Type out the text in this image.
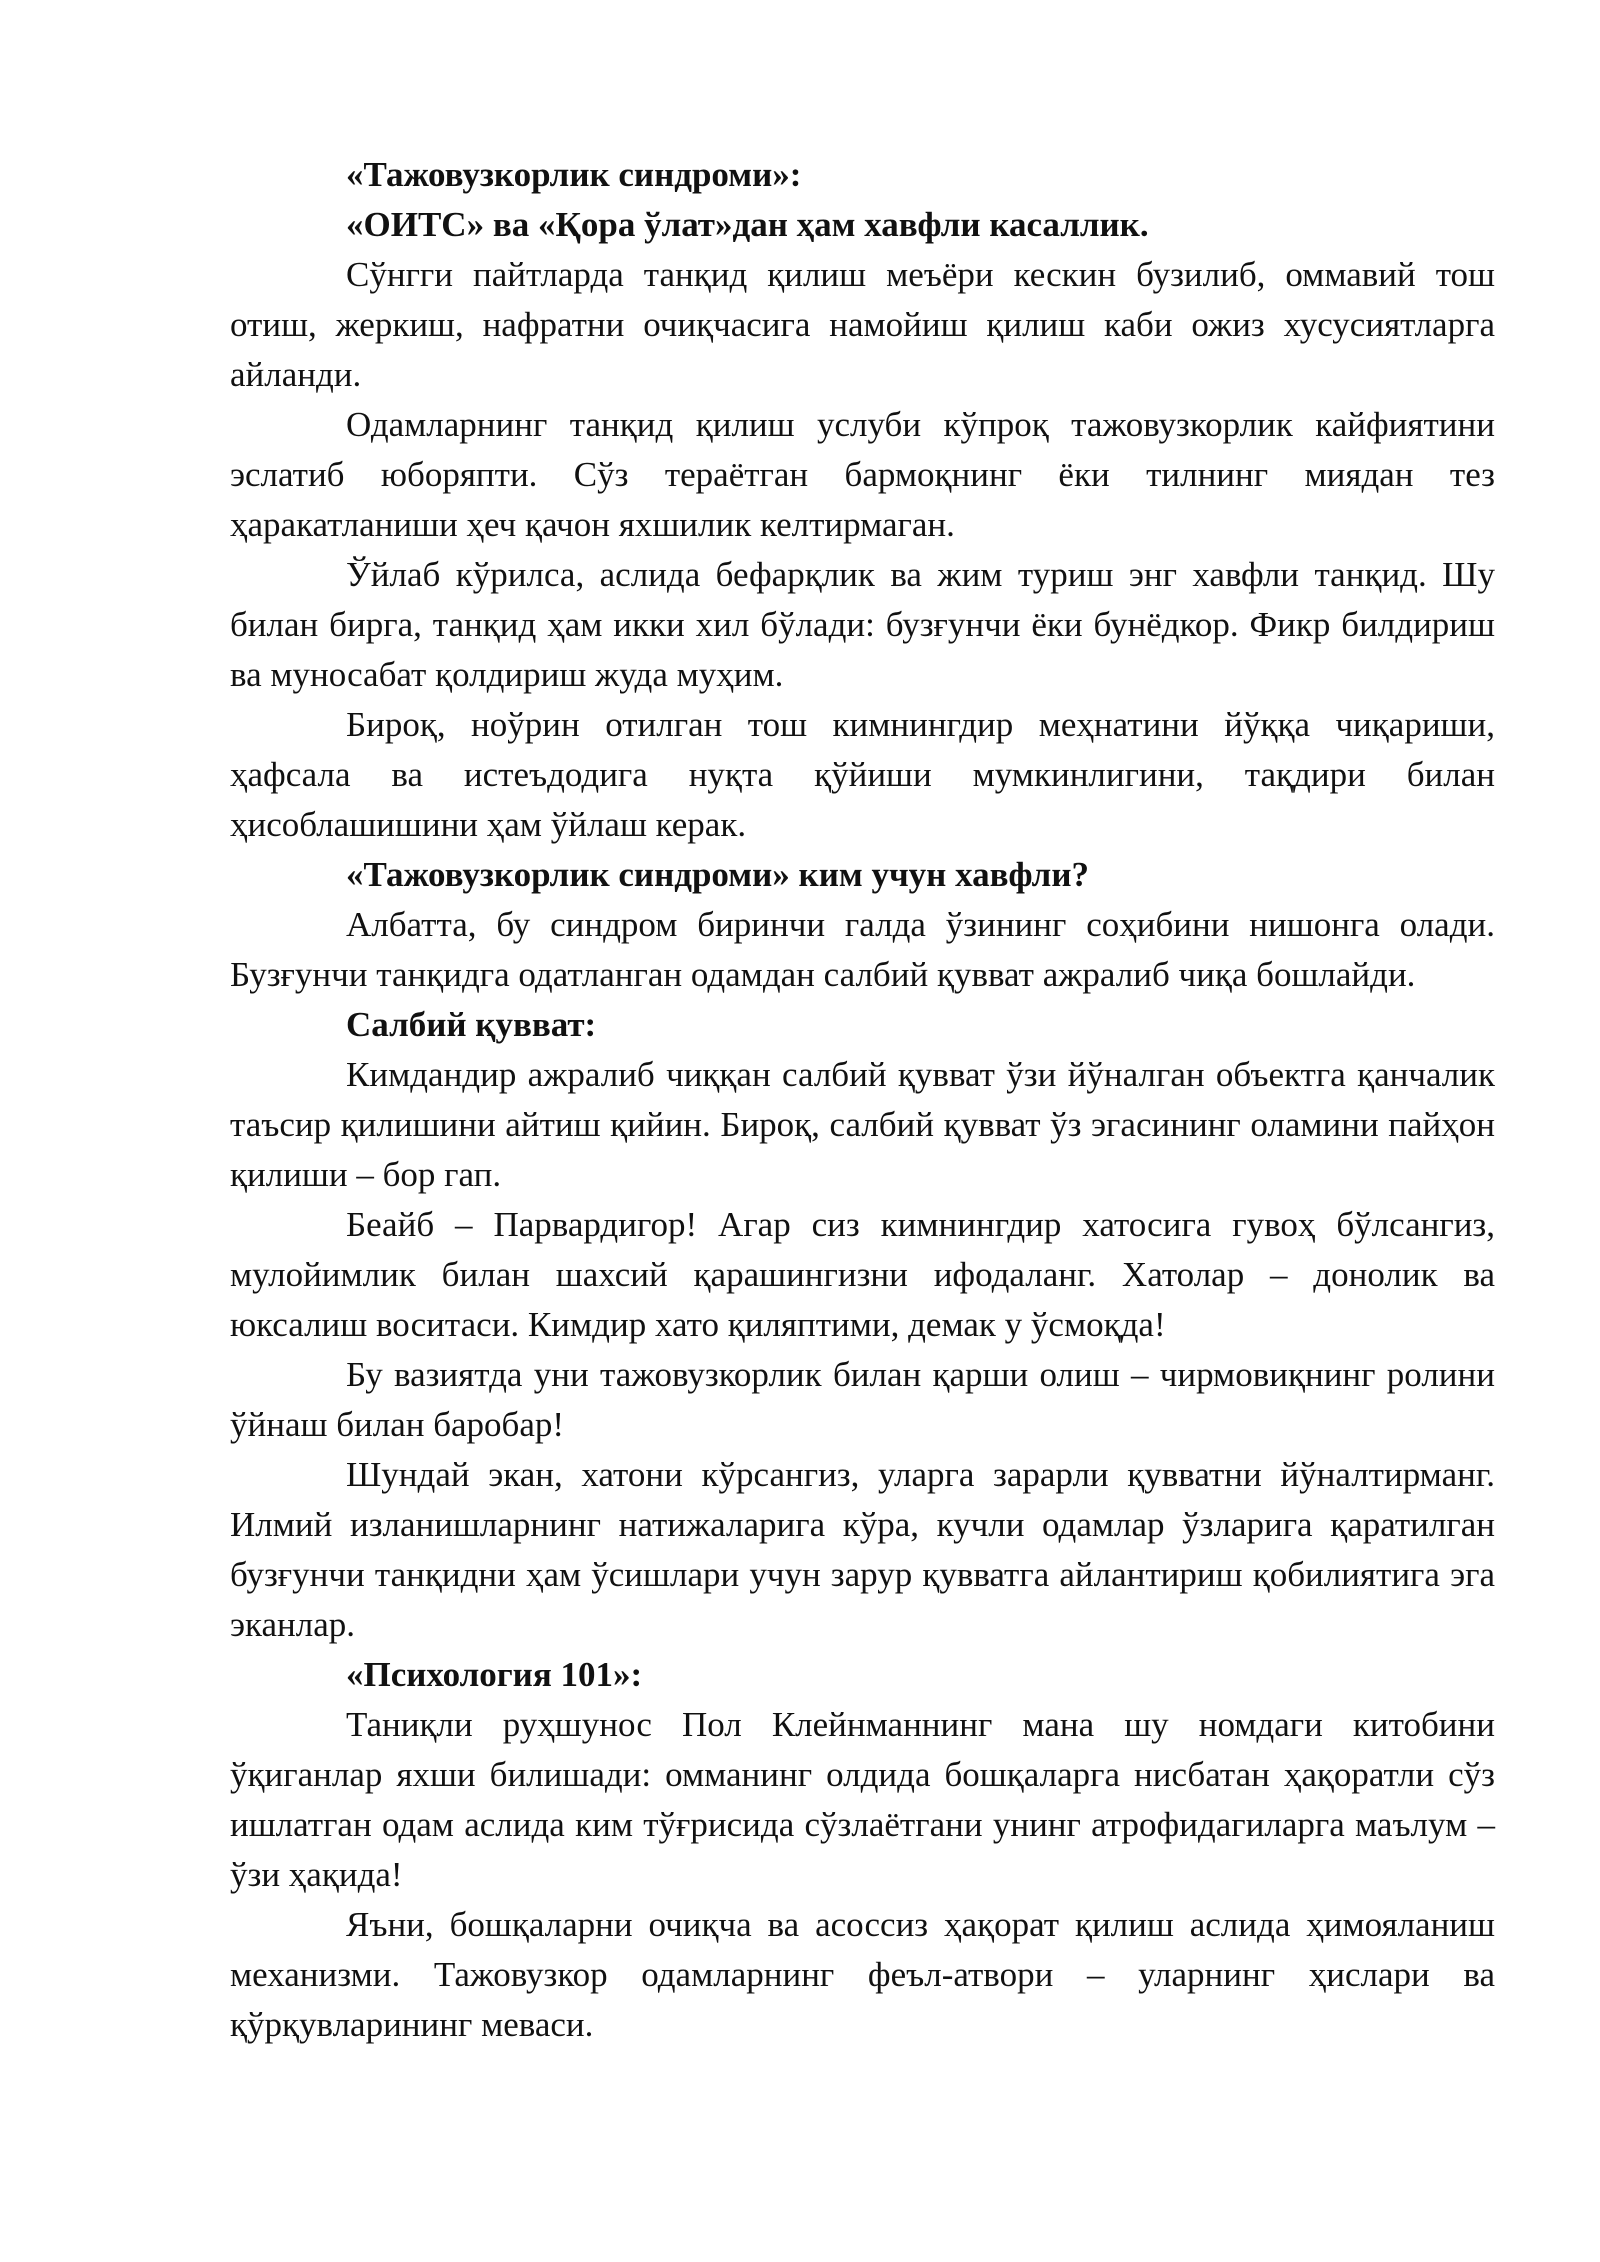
«Тажовузкорлик синдроми»:

«ОИТС» ва «Қора ўлат»дан ҳам хавфли касаллик.

Сўнгги пайтларда танқид қилиш меъёри кескин бузилиб, оммавий тош отиш, жеркиш, нафратни очиқчасига намойиш қилиш каби ожиз хусусиятларга айланди.

Одамларнинг танқид қилиш услуби кўпроқ тажовузкорлик кайфиятини эслатиб юборяпти. Сўз тераётган бармоқнинг ёки тилнинг миядан тез ҳаракатланиши ҳеч қачон яхшилик келтирмаган.

Ўйлаб кўрилса, аслида бефарқлик ва жим туриш энг хавфли танқид. Шу билан бирга, танқид ҳам икки хил бўлади: бузғунчи ёки бунёдкор. Фикр билдириш ва муносабат қолдириш жуда муҳим.

Бироқ, ноўрин отилган тош кимнингдир меҳнатини йўққа чиқариши, ҳафсала ва истеъдодига нуқта қўйиши мумкинлигини, тақдири билан ҳисоблашишини ҳам ўйлаш керак.

«Тажовузкорлик синдроми» ким учун хавфли?

Албатта, бу синдром биринчи галда ўзининг соҳибини нишонга олади. Бузғунчи танқидга одатланган одамдан салбий қувват ажралиб чиқа бошлайди.

Салбий қувват:

Кимдандир ажралиб чиққан салбий қувват ўзи йўналган объектга қанчалик таъсир қилишини айтиш қийин. Бироқ, салбий қувват ўз эгасининг оламини пайҳон қилиши – бор гап.

Беайб – Парвардигор! Агар сиз кимнингдир хатосига гувоҳ бўлсангиз, мулойимлик билан шахсий қарашингизни ифодаланг. Хатолар – донолик ва юксалиш воситаси. Кимдир хато қиляптими, демак у ўсмоқда!

Бу вазиятда уни тажовузкорлик билан қарши олиш – чирмовиқнинг ролини ўйнаш билан баробар!

Шундай экан, хатони кўрсангиз, уларга зарарли қувватни йўналтирманг. Илмий изланишларнинг натижаларига кўра, кучли одамлар ўзларига қаратилган бузғунчи танқидни ҳам ўсишлари учун зарур қувватга айлантириш қобилиятига эга эканлар.

«Психология 101»:

Таниқли руҳшунос Пол Клейнманнинг мана шу номдаги китобини ўқиганлар яхши билишади: омманинг олдида бошқаларга нисбатан ҳақоратли сўз ишлатган одам аслида ким тўғрисида сўзлаётгани унинг атрофидагиларга маълум – ўзи ҳақида!

Яъни, бошқаларни очиқча ва асоссиз ҳақорат қилиш аслида ҳимояланиш механизми. Тажовузкор одамларнинг феъл-атвори – уларнинг ҳислари ва қўрқувларининг меваси.
